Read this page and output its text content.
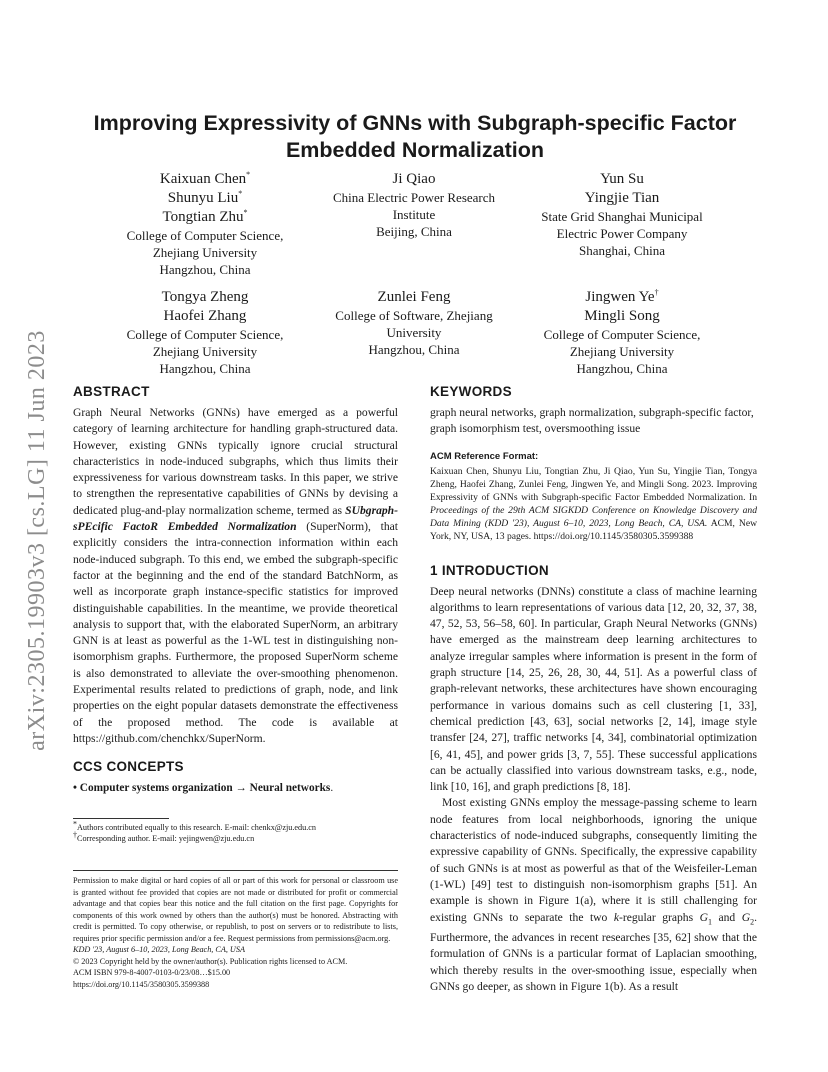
arXiv:2305.19903v3 [cs.LG] 11 Jun 2023
Improving Expressivity of GNNs with Subgraph-specific Factor
Embedded Normalization
Kaixuan Chen*
Shunyu Liu*
Tongtian Zhu*
College of Computer Science,
Zhejiang University
Hangzhou, China
Ji Qiao
China Electric Power Research
Institute
Beijing, China
Yun Su
Yingjie Tian
State Grid Shanghai Municipal
Electric Power Company
Shanghai, China
Tongya Zheng
Haofei Zhang
College of Computer Science,
Zhejiang University
Hangzhou, China
Zunlei Feng
College of Software, Zhejiang
University
Hangzhou, China
Jingwen Ye†
Mingli Song
College of Computer Science,
Zhejiang University
Hangzhou, China
ABSTRACT

Graph Neural Networks (GNNs) have emerged as a powerful category of learning architecture for handling graph-structured data. However, existing GNNs typically ignore crucial structural characteristics in node-induced subgraphs, which thus limits their expressiveness for various downstream tasks. In this paper, we strive to strengthen the representative capabilities of GNNs by devising a dedicated plug-and-play normalization scheme, termed as SUbgraph-sPEcific FactoR Embedded Normalization (SuperNorm), that explicitly considers the intra-connection information within each node-induced subgraph. To this end, we embed the subgraph-specific factor at the beginning and the end of the standard BatchNorm, as well as incorporate graph instance-specific statistics for improved distinguishable capabilities. In the meantime, we provide theoretical analysis to support that, with the elaborated SuperNorm, an arbitrary GNN is at least as powerful as the 1-WL test in distinguishing non-isomorphism graphs. Furthermore, the proposed SuperNorm scheme is also demonstrated to alleviate the over-smoothing phenomenon. Experimental results related to predictions of graph, node, and link properties on the eight popular datasets demonstrate the effectiveness of the proposed method. The code is available at https://github.com/chenchkx/SuperNorm.

CCS CONCEPTS
• Computer systems organization → Neural networks.

*Authors contributed equally to this research. E-mail: chenkx@zju.edu.cn

†Corresponding author. E-mail: yejingwen@zju.edu.cn

Permission to make digital or hard copies of all or part of this work for personal or classroom use is granted without fee provided that copies are not made or distributed for profit or commercial advantage and that copies bear this notice and the full citation on the first page. Copyrights for components of this work owned by others than the author(s) must be honored. Abstracting with credit is permitted. To copy otherwise, or republish, to post on servers or to redistribute to lists, requires prior specific permission and/or a fee. Request permissions from permissions@acm.org.

KDD '23, August 6–10, 2023, Long Beach, CA, USA

© 2023 Copyright held by the owner/author(s). Publication rights licensed to ACM.

ACM ISBN 979-8-4007-0103-0/23/08…$15.00

https://doi.org/10.1145/3580305.3599388

KEYWORDS

graph neural networks, graph normalization, subgraph-specific factor, graph isomorphism test, oversmoothing issue

ACM Reference Format:

Kaixuan Chen, Shunyu Liu, Tongtian Zhu, Ji Qiao, Yun Su, Yingjie Tian, Tongya Zheng, Haofei Zhang, Zunlei Feng, Jingwen Ye, and Mingli Song. 2023. Improving Expressivity of GNNs with Subgraph-specific Factor Embedded Normalization. In Proceedings of the 29th ACM SIGKDD Conference on Knowledge Discovery and Data Mining (KDD '23), August 6–10, 2023, Long Beach, CA, USA. ACM, New York, NY, USA, 13 pages. https://doi.org/10.1145/3580305.3599388

1 INTRODUCTION

Deep neural networks (DNNs) constitute a class of machine learning algorithms to learn representations of various data [12, 20, 32, 37, 38, 47, 52, 53, 56–58, 60]. In particular, Graph Neural Networks (GNNs) have emerged as the mainstream deep learning architectures to analyze irregular samples where information is present in the form of graph structure [14, 25, 26, 28, 30, 44, 51]. As a powerful class of graph-relevant networks, these architectures have shown encouraging performance in various domains such as cell clustering [1, 33], chemical prediction [43, 63], social networks [2, 14], image style transfer [24, 27], traffic networks [4, 34], combinatorial optimization [6, 41, 45], and power grids [3, 7, 55]. These successful applications can be actually classified into various downstream tasks, e.g., node, link [10, 16], and graph predictions [8, 18].

Most existing GNNs employ the message-passing scheme to learn node features from local neighborhoods, ignoring the unique characteristics of node-induced subgraphs, consequently limiting the expressive capability of GNNs. Specifically, the expressive capability of such GNNs is at most as powerful as that of the Weisfeiler-Leman (1-WL) [49] test to distinguish non-isomorphism graphs [51]. An example is shown in Figure 1(a), where it is still challenging for existing GNNs to separate the two k-regular graphs $G_1$ and $G_2$. Furthermore, the advances in recent researches [35, 62] show that the formulation of GNNs is a particular format of Laplacian smoothing, which thereby results in the over-smoothing issue, especially when GNNs go deeper, as shown in Figure 1(b). As a result
